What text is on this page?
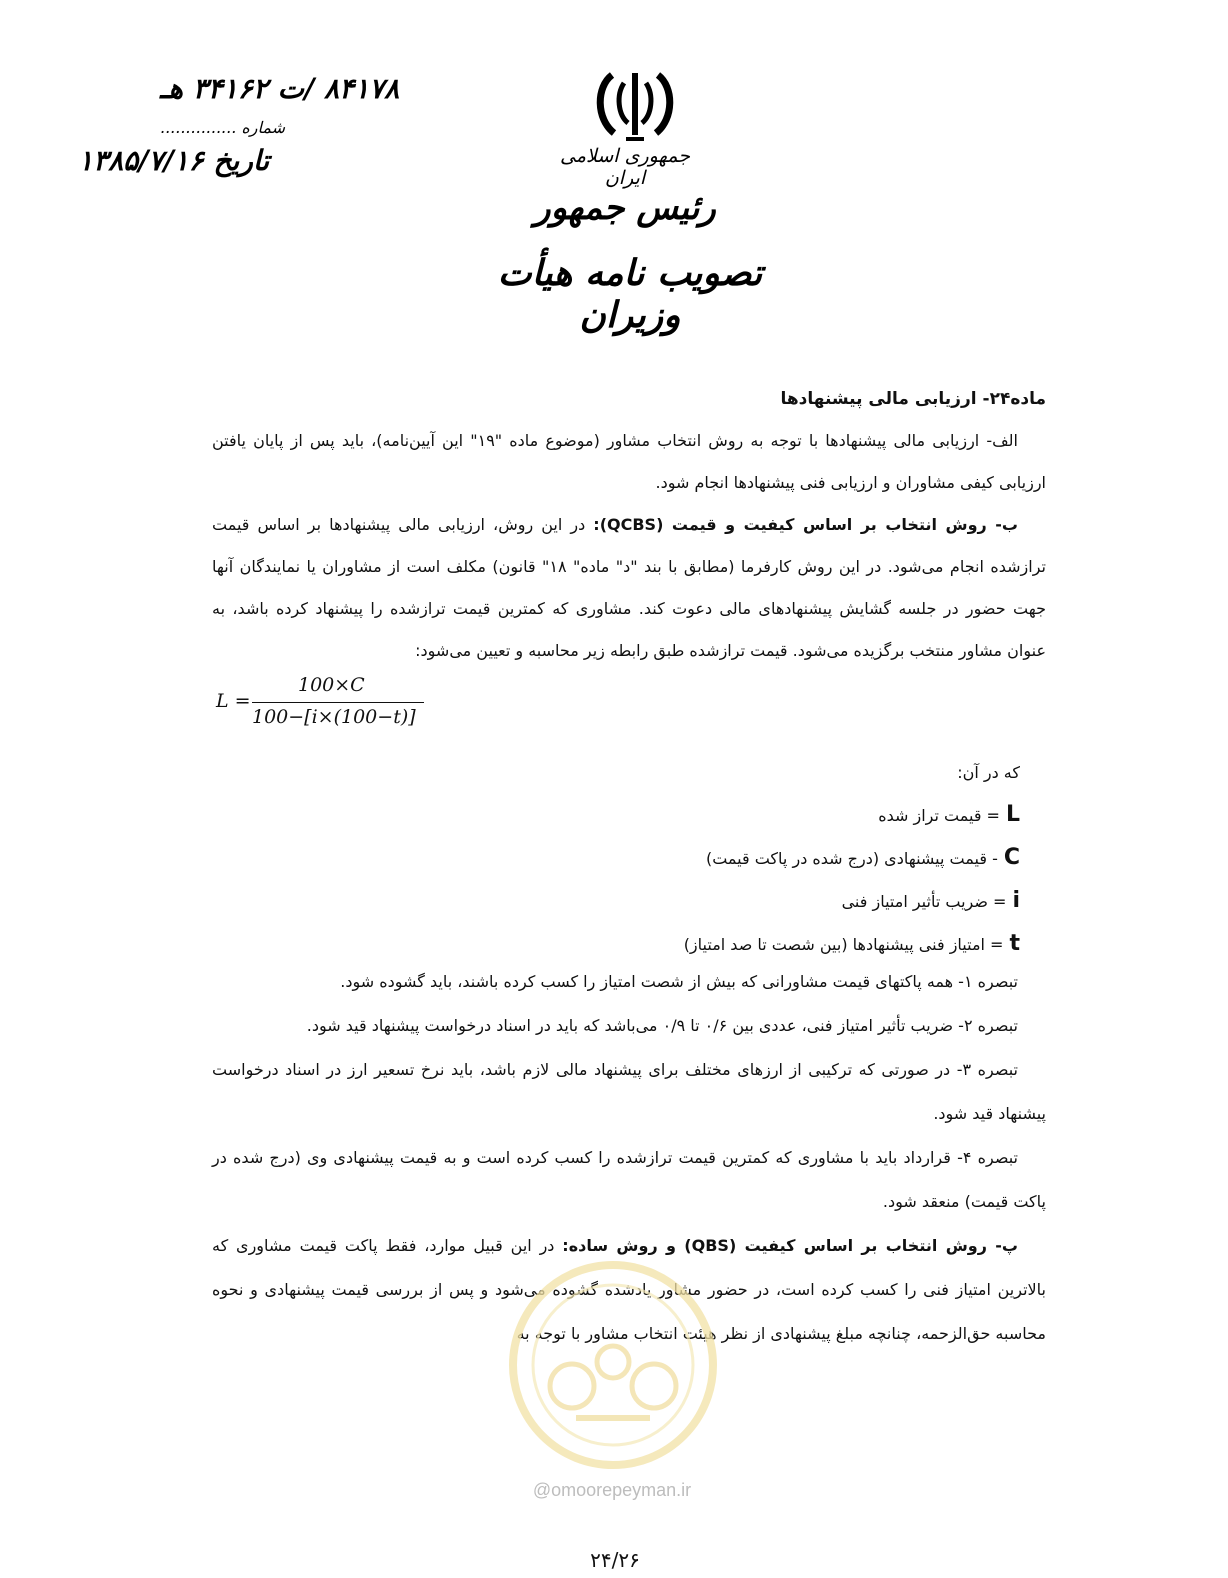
جمهوری اسلامی ایران
رئیس جمهور
تصویب نامه هیأت وزیران
۸۴۱۷۸ /ت ۳۴۱۶۲ هـ
شماره ...............
تاریخ ۱۳۸۵/۷/۱۶

ماده۲۴- ارزیابی مالی پیشنهادها

الف- ارزیابی مالی پیشنهادها با توجه به روش انتخاب مشاور (موضوع ماده "۱۹" این آیین‌نامه)، باید پس از پایان یافتن ارزیابی کیفی مشاوران و ارزیابی فنی پیشنهادها انجام شود.

ب- روش انتخاب بر اساس کیفیت و قیمت (QCBS): در این روش، ارزیابی مالی پیشنهادها بر اساس قیمت ترازشده انجام می‌شود. در این روش کارفرما (مطابق با بند "د" ماده" ۱۸" قانون) مکلف است از مشاوران یا نمایندگان آنها جهت حضور در جلسه گشایش پیشنهادهای مالی دعوت کند. مشاوری که کمترین قیمت ترازشده را پیشنهاد کرده باشد، به عنوان مشاور منتخب برگزیده می‌شود. قیمت ترازشده طبق رابطه زیر محاسبه و تعیین می‌شود:

L =
100×C
100−[i×(100−t)]

که در آن:

L= قیمت تراز شده

C- قیمت پیشنهادی (درج شده در پاکت قیمت)

i= ضریب تأثیر امتیاز فنی

t= امتیاز فنی پیشنهادها (بین شصت تا صد امتیاز)

تبصره ۱- همه پاکتهای قیمت مشاورانی که بیش از شصت امتیاز را کسب کرده باشند، باید گشوده شود.

تبصره ۲- ضریب تأثیر امتیاز فنی، عددی بین ۰/۶ تا ۰/۹ می‌باشد که باید در اسناد درخواست پیشنهاد قید شود.

تبصره ۳- در صورتی که ترکیبی از ارزهای مختلف برای پیشنهاد مالی لازم باشد، باید نرخ تسعیر ارز در اسناد درخواست پیشنهاد قید شود.

تبصره ۴- قرارداد باید با مشاوری که کمترین قیمت ترازشده را کسب کرده است و به قیمت پیشنهادی وی (درج شده در پاکت قیمت) منعقد شود.

پ- روش انتخاب بر اساس کیفیت (QBS) و روش ساده: در این قبیل موارد، فقط پاکت قیمت مشاوری که بالاترین امتیاز فنی را کسب کرده است، در حضور مشاور یادشده گشوده می‌شود و پس از بررسی قیمت پیشنهادی و نحوه محاسبه حق‌الزحمه، چنانچه مبلغ پیشنهادی از نظر هیئت انتخاب مشاور با توجه به

@omoorepeyman.ir
۲۴/۲۶
